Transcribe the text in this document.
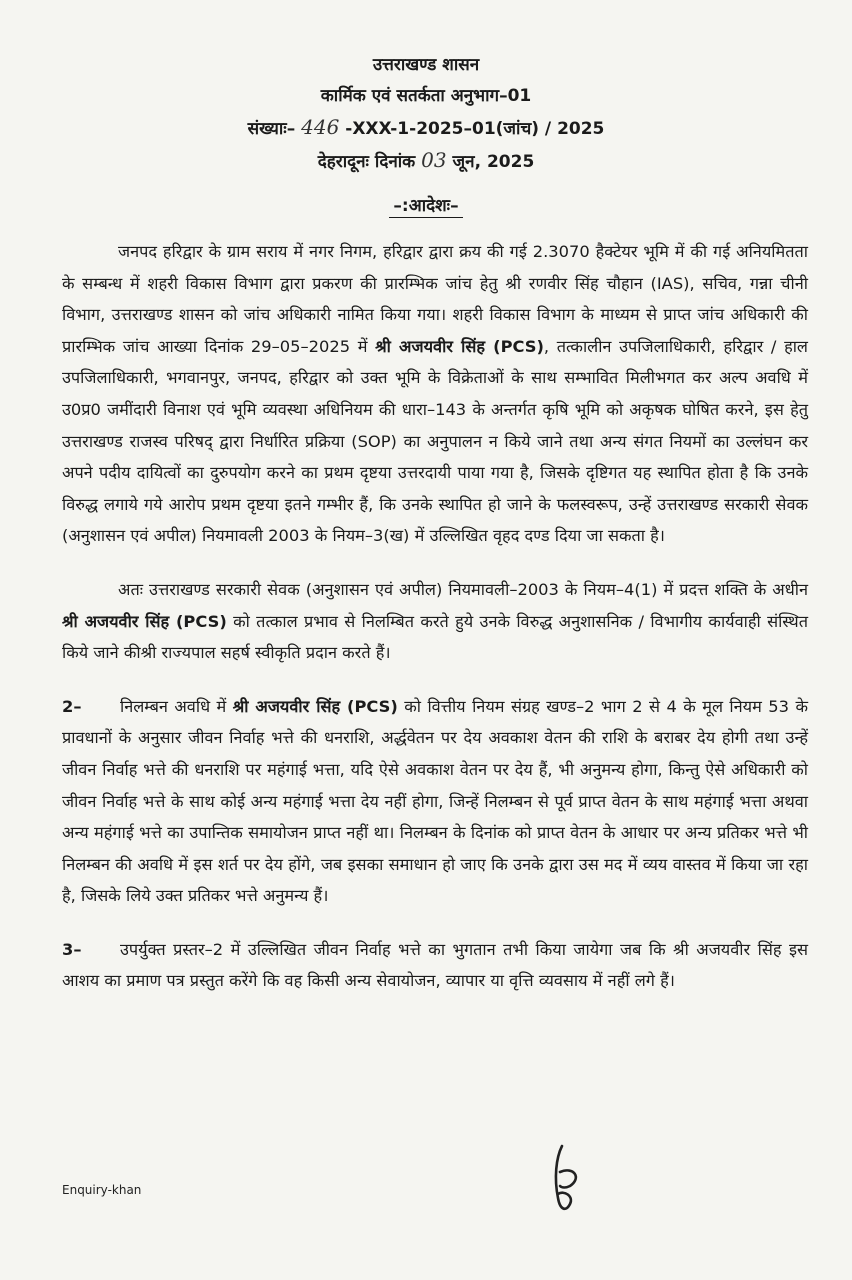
उत्तराखण्ड शासन
कार्मिक एवं सतर्कता अनुभाग–01
संख्याः– 446 -XXX-1-2025–01(जांच) / 2025
देहरादूनः दिनांक 03 जून, 2025
–:आदेशः–

जनपद हरिद्वार के ग्राम सराय में नगर निगम, हरिद्वार द्वारा क्रय की गई 2.3070 हैक्टेयर भूमि में की गई अनियमितता के सम्बन्ध में शहरी विकास विभाग द्वारा प्रकरण की प्रारम्भिक जांच हेतु श्री रणवीर सिंह चौहान (IAS), सचिव, गन्ना चीनी विभाग, उत्तराखण्ड शासन को जांच अधिकारी नामित किया गया। शहरी विकास विभाग के माध्यम से प्राप्त जांच अधिकारी की प्रारम्भिक जांच आख्या दिनांक 29–05–2025 में श्री अजयवीर सिंह (PCS), तत्कालीन उपजिलाधिकारी, हरिद्वार / हाल उपजिलाधिकारी, भगवानपुर, जनपद, हरिद्वार को उक्त भूमि के विक्रेताओं के साथ सम्भावित मिलीभगत कर अल्प अवधि में उ0प्र0 जमींदारी विनाश एवं भूमि व्यवस्था अधिनियम की धारा–143 के अन्तर्गत कृषि भूमि को अकृषक घोषित करने, इस हेतु उत्तराखण्ड राजस्व परिषद् द्वारा निर्धारित प्रक्रिया (SOP) का अनुपालन न किये जाने तथा अन्य संगत नियमों का उल्लंघन कर अपने पदीय दायित्वों का दुरुपयोग करने का प्रथम दृष्टया उत्तरदायी पाया गया है, जिसके दृष्टिगत यह स्थापित होता है कि उनके विरुद्ध लगाये गये आरोप प्रथम दृष्टया इतने गम्भीर हैं, कि उनके स्थापित हो जाने के फलस्वरूप, उन्हें उत्तराखण्ड सरकारी सेवक (अनुशासन एवं अपील) नियमावली 2003 के नियम–3(ख) में उल्लिखित वृहद दण्ड दिया जा सकता है।

अतः उत्तराखण्ड सरकारी सेवक (अनुशासन एवं अपील) नियमावली–2003 के नियम–4(1) में प्रदत्त शक्ति के अधीन श्री अजयवीर सिंह (PCS) को तत्काल प्रभाव से निलम्बित करते हुये उनके विरुद्ध अनुशासनिक / विभागीय कार्यवाही संस्थित किये जाने कीश्री राज्यपाल सहर्ष स्वीकृति प्रदान करते हैं।

2– निलम्बन अवधि में श्री अजयवीर सिंह (PCS) को वित्तीय नियम संग्रह खण्ड–2 भाग 2 से 4 के मूल नियम 53 के प्रावधानों के अनुसार जीवन निर्वाह भत्ते की धनराशि, अर्द्धवेतन पर देय अवकाश वेतन की राशि के बराबर देय होगी तथा उन्हें जीवन निर्वाह भत्ते की धनराशि पर महंगाई भत्ता, यदि ऐसे अवकाश वेतन पर देय हैं, भी अनुमन्य होगा, किन्तु ऐसे अधिकारी को जीवन निर्वाह भत्ते के साथ कोई अन्य महंगाई भत्ता देय नहीं होगा, जिन्हें निलम्बन से पूर्व प्राप्त वेतन के साथ महंगाई भत्ता अथवा अन्य महंगाई भत्ते का उपान्तिक समायोजन प्राप्त नहीं था। निलम्बन के दिनांक को प्राप्त वेतन के आधार पर अन्य प्रतिकर भत्ते भी निलम्बन की अवधि में इस शर्त पर देय होंगे, जब इसका समाधान हो जाए कि उनके द्वारा उस मद में व्यय वास्तव में किया जा रहा है, जिसके लिये उक्त प्रतिकर भत्ते अनुमन्य हैं।

3– उपर्युक्त प्रस्तर–2 में उल्लिखित जीवन निर्वाह भत्ते का भुगतान तभी किया जायेगा जब कि श्री अजयवीर सिंह इस आशय का प्रमाण पत्र प्रस्तुत करेंगे कि वह किसी अन्य सेवायोजन, व्यापार या वृत्ति व्यवसाय में नहीं लगे हैं।

Enquiry-khan
